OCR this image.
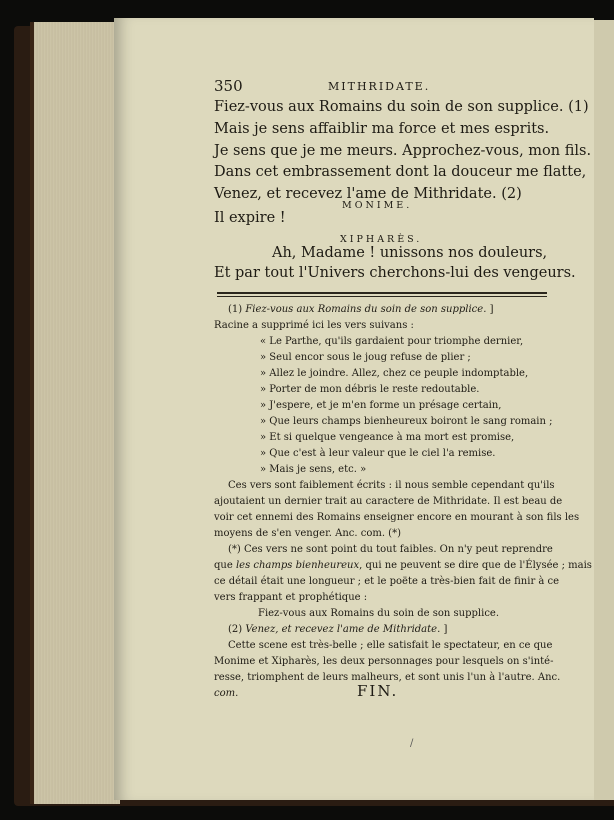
350	MITHRIDATE.

Fiez-vous aux Romains du soin de son supplice. (1)

Mais je sens affaiblir ma force et mes esprits.

Je sens que je me meurs. Approchez-vous, mon fils.

Dans cet embrassement dont la douceur me flatte,

Venez, et recevez l'ame de Mithridate. (2)

MONIME.

Il expire !

XIPHARÈS.

Ah, Madame ! unissons nos douleurs,

Et par tout l'Univers cherchons-lui des vengeurs.

(1) Fiez-vous aux Romains du soin de son supplice. ]

Racine a supprimé ici les vers suivans :

« Le Parthe, qu'ils gardaient pour triomphe dernier,

» Seul encor sous le joug refuse de plier ;

» Allez le joindre. Allez, chez ce peuple indomptable,

» Porter de mon débris le reste redoutable.

» J'espere, et je m'en forme un présage certain,

» Que leurs champs bienheureux boiront le sang romain ;

» Et si quelque vengeance à ma mort est promise,

» Que c'est à leur valeur que le ciel l'a remise.

» Mais je sens, etc. »

Ces vers sont faiblement écrits : il nous semble cependant qu'ils

ajoutaient un dernier trait au caractere de Mithridate. Il est beau de

voir cet ennemi des Romains enseigner encore en mourant à son fils les

moyens de s'en venger. Anc. com. (*)

(*) Ces vers ne sont point du tout faibles. On n'y peut reprendre

que les champs bienheureux, qui ne peuvent se dire que de l'Élysée ; mais

ce détail était une longueur ; et le poëte a très-bien fait de finir à ce

vers frappant et prophétique :

Fiez-vous aux Romains du soin de son supplice.

(2) Venez, et recevez l'ame de Mithridate. ]

Cette scene est très-belle ; elle satisfait le spectateur, en ce que

Monime et Xipharès, les deux personnages pour lesquels on s'inté-

resse, triomphent de leurs malheurs, et sont unis l'un à l'autre. Anc.

com.	FIN.

/
